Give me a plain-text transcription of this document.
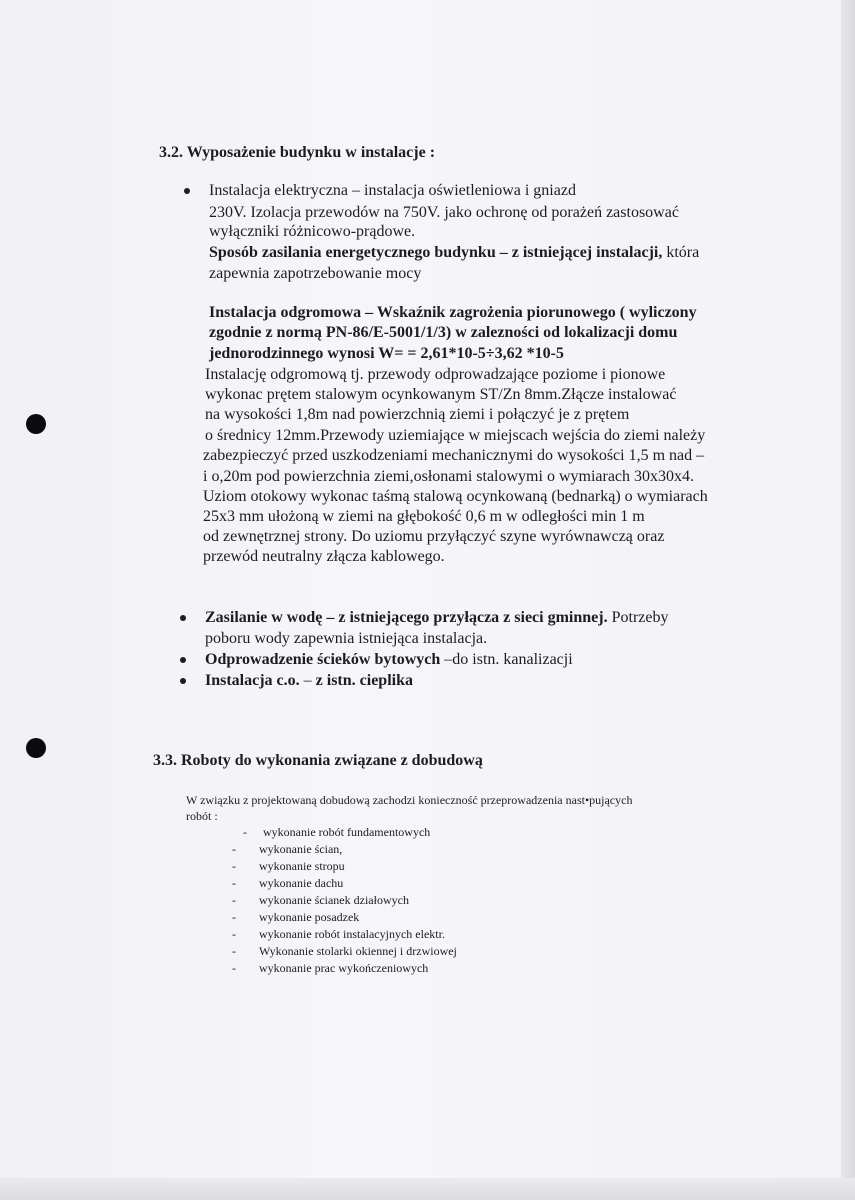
3.2. Wyposażenie budynku w instalacje :
Instalacja elektryczna – instalacja oświetleniowa i gniazd
230V. Izolacja przewodów na 750V. jako ochronę od porażeń zastosować
wyłączniki różnicowo-prądowe.
Sposób zasilania energetycznego budynku – z istniejącej instalacji, która
zapewnia zapotrzebowanie mocy
Instalacja odgromowa – Wskaźnik zagrożenia piorunowego ( wyliczony
zgodnie z normą PN-86/E-5001/1/3) w zalezności od lokalizacji domu
jednorodzinnego wynosi W= = 2,61*10-5÷3,62 *10-5
Instalację odgromową tj. przewody odprowadzające poziome i pionowe
wykonac prętem stalowym ocynkowanym ST/Zn 8mm.Złącze instalować
na wysokości 1,8m nad powierzchnią ziemi i połączyć je z prętem
o średnicy 12mm.Przewody uziemiające w miejscach wejścia do ziemi należy
zabezpieczyć przed uszkodzeniami mechanicznymi do wysokości 1,5 m nad –
i o,20m pod powierzchnia ziemi,osłonami stalowymi o wymiarach 30x30x4.
Uziom otokowy wykonac taśmą stalową ocynkowaną (bednarką) o wymiarach
25x3 mm ułożoną w ziemi na głębokość 0,6 m w odległości min 1 m
od zewnętrznej strony. Do uziomu przyłączyć szyne wyrównawczą oraz
przewód neutralny złącza kablowego.
Zasilanie w wodę – z istniejącego przyłącza z sieci gminnej. Potrzeby
poboru wody zapewnia istniejąca instalacja.
Odprowadzenie ścieków bytowych –do istn. kanalizacji
Instalacja c.o. – z istn. cieplika
3.3. Roboty do wykonania związane z dobudową
W związku z projektowaną dobudową zachodzi konieczność przeprowadzenia nast•pujących
robót :
- wykonanie robót fundamentowych
- wykonanie ścian,
- wykonanie stropu
- wykonanie dachu
- wykonanie ścianek działowych
- wykonanie posadzek
- wykonanie robót instalacyjnych elektr.
- Wykonanie stolarki okiennej i drzwiowej
- wykonanie prac wykończeniowych
